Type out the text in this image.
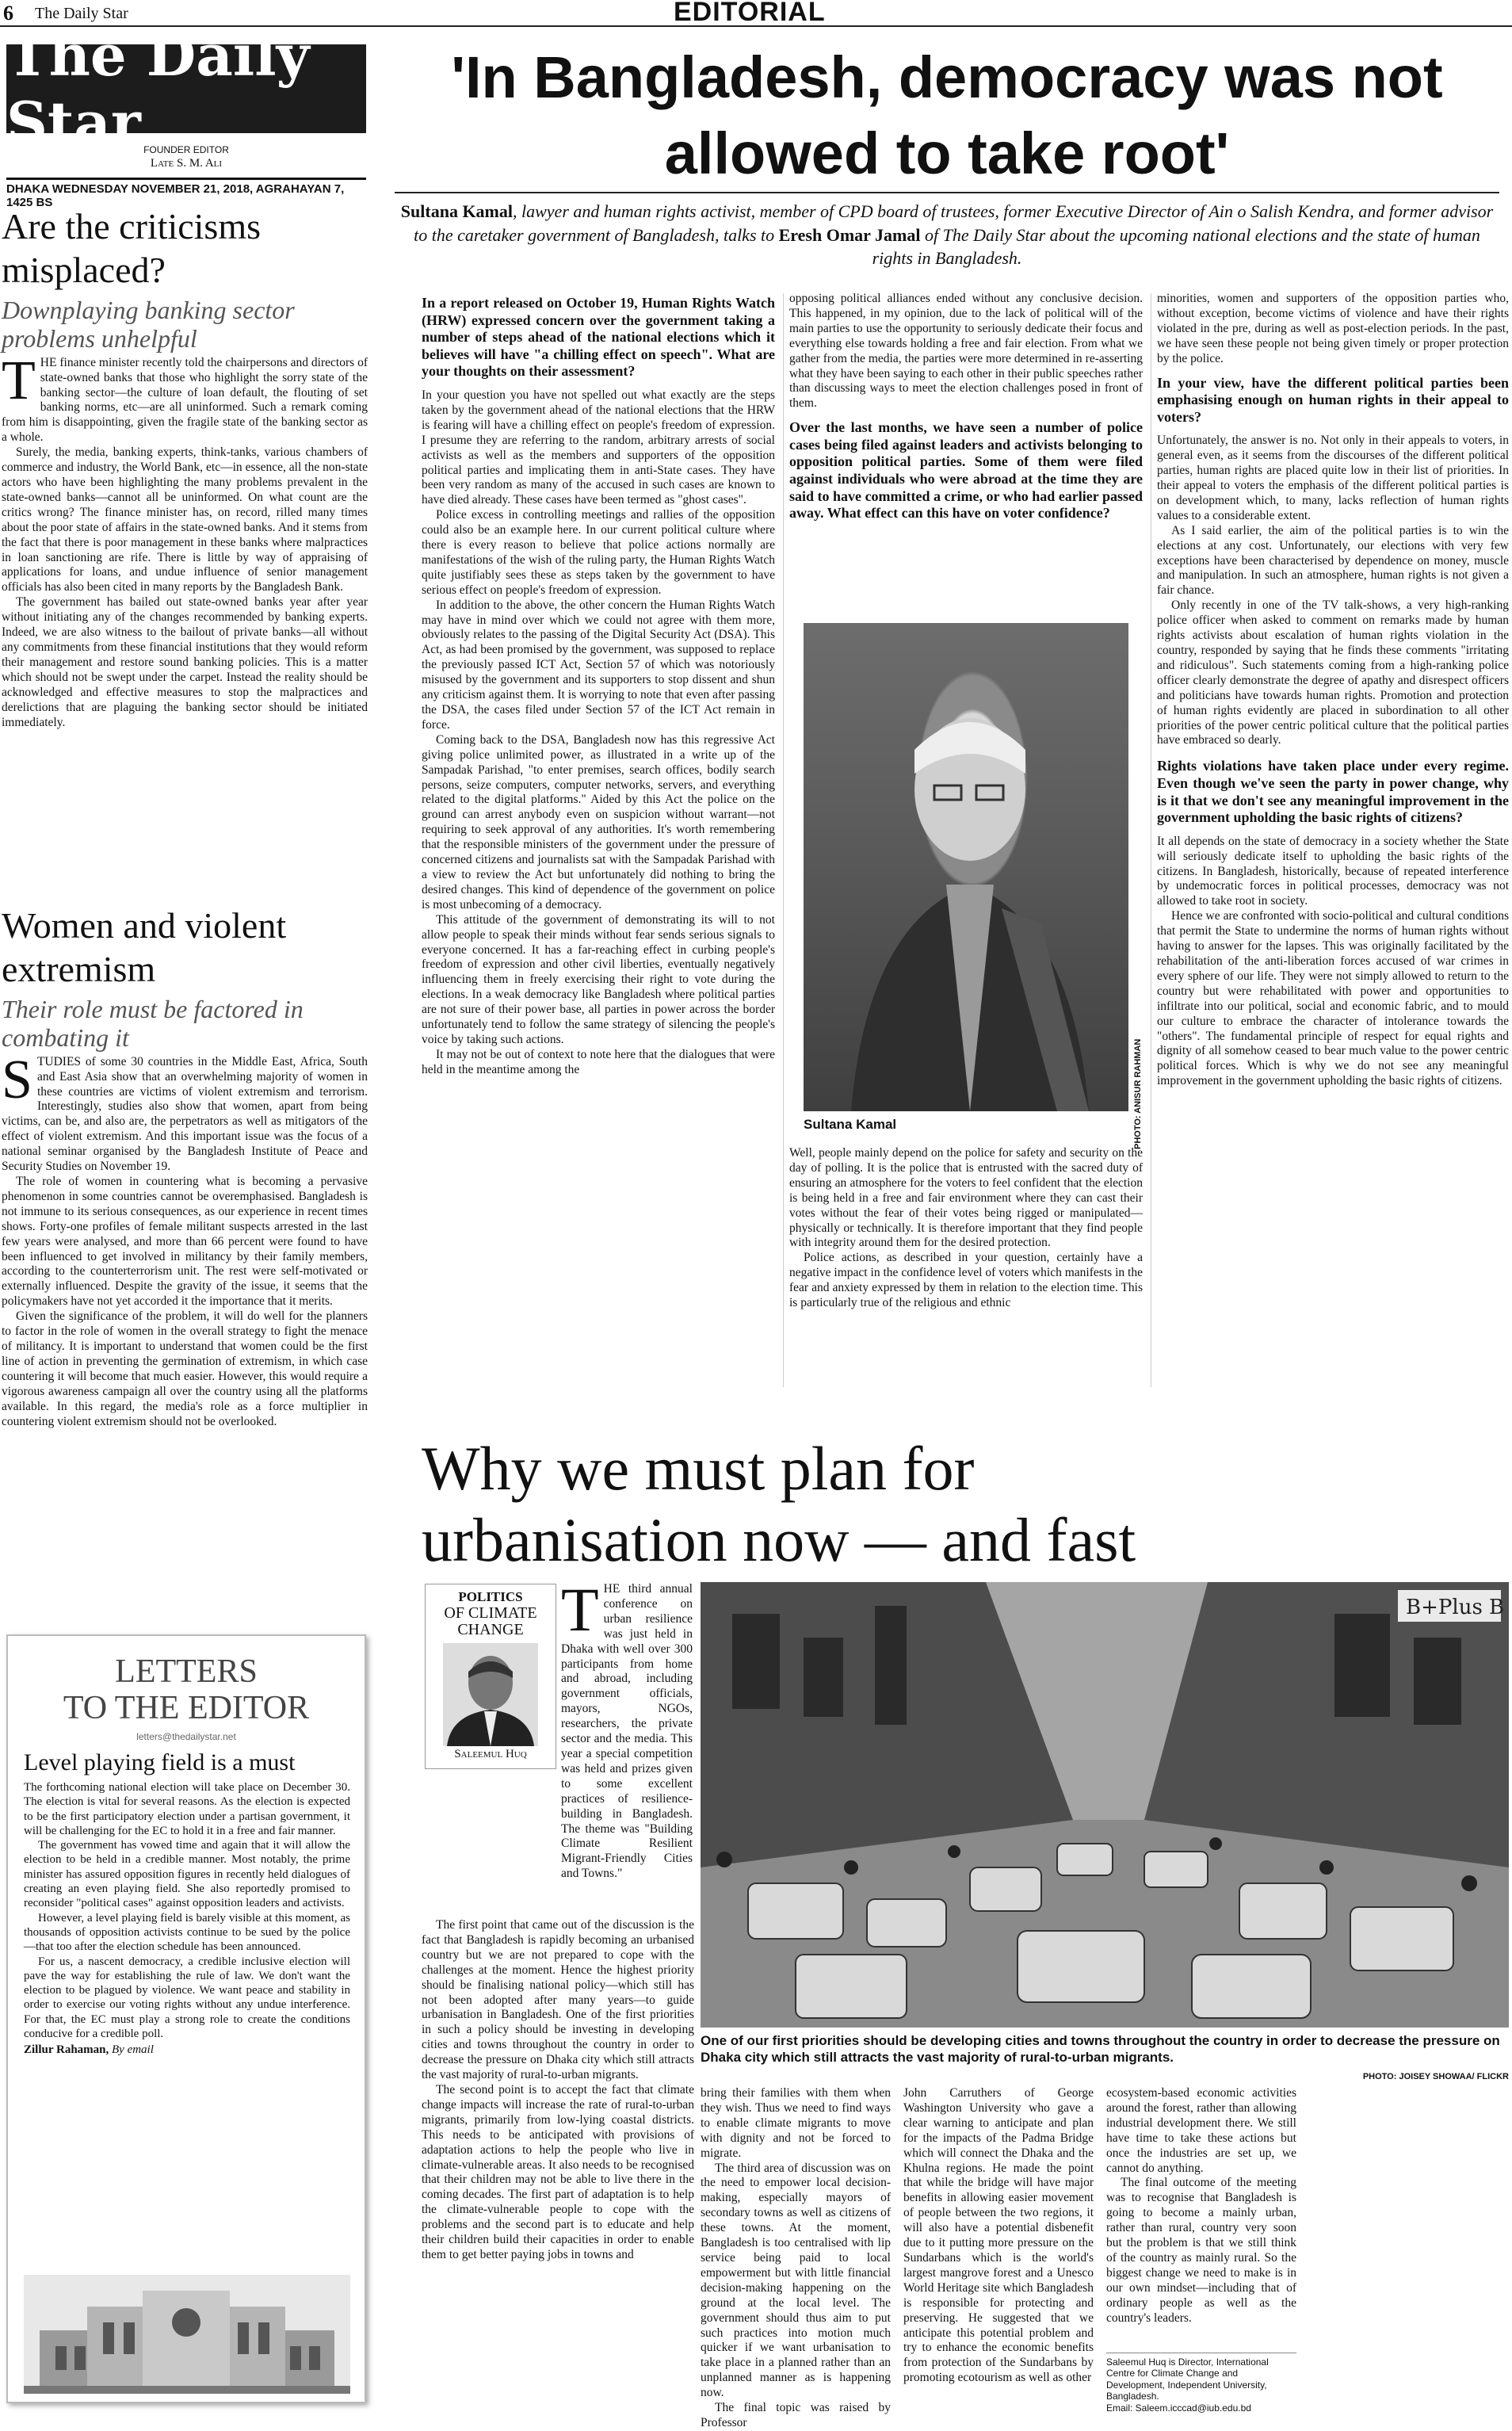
6 The Daily Star	EDITORIAL
The Daily Star FOUNDER EDITOR
Late S. M. Ali
DHAKA WEDNESDAY NOVEMBER 21, 2018, AGRAHAYAN 7, 1425 BS
Are the criticisms misplaced?
Downplaying banking sector problems unhelpful

THE finance minister recently told the chairpersons and directors of state-owned banks that those who highlight the sorry state of the banking sector—the culture of loan default, the flouting of set banking norms, etc—are all uninformed. Such a remark coming from him is disappointing, given the fragile state of the banking sector as a whole.

Surely, the media, banking experts, think-tanks, various chambers of commerce and industry, the World Bank, etc—in essence, all the non-state actors who have been highlighting the many problems prevalent in the state-owned banks—cannot all be uninformed. On what count are the critics wrong? The finance minister has, on record, rilled many times about the poor state of affairs in the state-owned banks. And it stems from the fact that there is poor management in these banks where malpractices in loan sanctioning are rife. There is little by way of appraising of applications for loans, and undue influence of senior management officials has also been cited in many reports by the Bangladesh Bank.

The government has bailed out state-owned banks year after year without initiating any of the changes recommended by banking experts. Indeed, we are also witness to the bailout of private banks—all without any commitments from these financial institutions that they would reform their management and restore sound banking policies. This is a matter which should not be swept under the carpet. Instead the reality should be acknowledged and effective measures to stop the malpractices and derelictions that are plaguing the banking sector should be initiated immediately.

Women and violent extremism
Their role must be factored in combating it

STUDIES of some 30 countries in the Middle East, Africa, South and East Asia show that an overwhelming majority of women in these countries are victims of violent extremism and terrorism. Interestingly, studies also show that women, apart from being victims, can be, and also are, the perpetrators as well as mitigators of the effect of violent extremism. And this important issue was the focus of a national seminar organised by the Bangladesh Institute of Peace and Security Studies on November 19.

The role of women in countering what is becoming a pervasive phenomenon in some countries cannot be overemphasised. Bangladesh is not immune to its serious consequences, as our experience in recent times shows. Forty-one profiles of female militant suspects arrested in the last few years were analysed, and more than 66 percent were found to have been influenced to get involved in militancy by their family members, according to the counterterrorism unit. The rest were self-motivated or externally influenced. Despite the gravity of the issue, it seems that the policymakers have not yet accorded it the importance that it merits.

Given the significance of the problem, it will do well for the planners to factor in the role of women in the overall strategy to fight the menace of militancy. It is important to understand that women could be the first line of action in preventing the germination of extremism, in which case countering it will become that much easier. However, this would require a vigorous awareness campaign all over the country using all the platforms available. In this regard, the media's role as a force multiplier in countering violent extremism should not be overlooked.

LETTERS
TO THE EDITOR
letters@thedailystar.net
Level playing field is a must

The forthcoming national election will take place on December 30. The election is vital for several reasons. As the election is expected to be the first participatory election under a partisan government, it will be challenging for the EC to hold it in a free and fair manner.

The government has vowed time and again that it will allow the election to be held in a credible manner. Most notably, the prime minister has assured opposition figures in recently held dialogues of creating an even playing field. She also reportedly promised to reconsider "political cases" against opposition leaders and activists.

However, a level playing field is barely visible at this moment, as thousands of opposition activists continue to be sued by the police—that too after the election schedule has been announced.

For us, a nascent democracy, a credible inclusive election will pave the way for establishing the rule of law. We don't want the election to be plagued by violence. We want peace and stability in order to exercise our voting rights without any undue interference. For that, the EC must play a strong role to create the conditions conducive for a credible poll.

Zillur Rahaman, By email

'In Bangladesh, democracy was not
allowed to take root'
Sultana Kamal, lawyer and human rights activist, member of CPD board of trustees, former Executive Director of Ain o Salish Kendra, and former advisor to the caretaker government of Bangladesh, talks to Eresh Omar Jamal of The Daily Star about the upcoming national elections and the state of human rights in Bangladesh.
In a report released on October 19, Human Rights Watch (HRW) expressed concern over the government taking a number of steps ahead of the national elections which it believes will have "a chilling effect on speech". What are your thoughts on their assessment?

In your question you have not spelled out what exactly are the steps taken by the government ahead of the national elections that the HRW is fearing will have a chilling effect on people's freedom of expression. I presume they are referring to the random, arbitrary arrests of social activists as well as the members and supporters of the opposition political parties and implicating them in anti-State cases. They have been very random as many of the accused in such cases are known to have died already. These cases have been termed as "ghost cases".

Police excess in controlling meetings and rallies of the opposition could also be an example here. In our current political culture where there is every reason to believe that police actions normally are manifestations of the wish of the ruling party, the Human Rights Watch quite justifiably sees these as steps taken by the government to have serious effect on people's freedom of expression.

In addition to the above, the other concern the Human Rights Watch may have in mind over which we could not agree with them more, obviously relates to the passing of the Digital Security Act (DSA). This Act, as had been promised by the government, was supposed to replace the previously passed ICT Act, Section 57 of which was notoriously misused by the government and its supporters to stop dissent and shun any criticism against them. It is worrying to note that even after passing the DSA, the cases filed under Section 57 of the ICT Act remain in force.

Coming back to the DSA, Bangladesh now has this regressive Act giving police unlimited power, as illustrated in a write up of the Sampadak Parishad, "to enter premises, search offices, bodily search persons, seize computers, computer networks, servers, and everything related to the digital platforms." Aided by this Act the police on the ground can arrest anybody even on suspicion without warrant—not requiring to seek approval of any authorities. It's worth remembering that the responsible ministers of the government under the pressure of concerned citizens and journalists sat with the Sampadak Parishad with a view to review the Act but unfortunately did nothing to bring the desired changes. This kind of dependence of the government on police is most unbecoming of a democracy.

This attitude of the government of demonstrating its will to not allow people to speak their minds without fear sends serious signals to everyone concerned. It has a far-reaching effect in curbing people's freedom of expression and other civil liberties, eventually negatively influencing them in freely exercising their right to vote during the elections. In a weak democracy like Bangladesh where political parties are not sure of their power base, all parties in power across the border unfortunately tend to follow the same strategy of silencing the people's voice by taking such actions.

It may not be out of context to note here that the dialogues that were held in the meantime among the

opposing political alliances ended without any conclusive decision. This happened, in my opinion, due to the lack of political will of the main parties to use the opportunity to seriously dedicate their focus and everything else towards holding a free and fair election. From what we gather from the media, the parties were more determined in re-asserting what they have been saying to each other in their public speeches rather than discussing ways to meet the election challenges posed in front of them.

Over the last months, we have seen a number of police cases being filed against leaders and activists belonging to opposition political parties. Some of them were filed against individuals who were abroad at the time they are said to have committed a crime, or who had earlier passed away. What effect can this have on voter confidence?
Sultana Kamal	PHOTO: ANISUR RAHMAN

Well, people mainly depend on the police for safety and security on the day of polling. It is the police that is entrusted with the sacred duty of ensuring an atmosphere for the voters to feel confident that the election is being held in a free and fair environment where they can cast their votes without the fear of their votes being rigged or manipulated—physically or technically. It is therefore important that they find people with integrity around them for the desired protection.

Police actions, as described in your question, certainly have a negative impact in the confidence level of voters which manifests in the fear and anxiety expressed by them in relation to the election time. This is particularly true of the religious and ethnic

minorities, women and supporters of the opposition parties who, without exception, become victims of violence and have their rights violated in the pre, during as well as post-election periods. In the past, we have seen these people not being given timely or proper protection by the police.

In your view, have the different political parties been emphasising enough on human rights in their appeal to voters?

Unfortunately, the answer is no. Not only in their appeals to voters, in general even, as it seems from the discourses of the different political parties, human rights are placed quite low in their list of priorities. In their appeal to voters the emphasis of the different political parties is on development which, to many, lacks reflection of human rights values to a considerable extent.

As I said earlier, the aim of the political parties is to win the elections at any cost. Unfortunately, our elections with very few exceptions have been characterised by dependence on money, muscle and manipulation. In such an atmosphere, human rights is not given a fair chance.

Only recently in one of the TV talk-shows, a very high-ranking police officer when asked to comment on remarks made by human rights activists about escalation of human rights violation in the country, responded by saying that he finds these comments "irritating and ridiculous". Such statements coming from a high-ranking police officer clearly demonstrate the degree of apathy and disrespect officers and politicians have towards human rights. Promotion and protection of human rights evidently are placed in subordination to all other priorities of the power centric political culture that the political parties have embraced so dearly.

Rights violations have taken place under every regime. Even though we've seen the party in power change, why is it that we don't see any meaningful improvement in the government upholding the basic rights of citizens?

It all depends on the state of democracy in a society whether the State will seriously dedicate itself to upholding the basic rights of the citizens. In Bangladesh, historically, because of repeated interference by undemocratic forces in political processes, democracy was not allowed to take root in society.

Hence we are confronted with socio-political and cultural conditions that permit the State to undermine the norms of human rights without having to answer for the lapses. This was originally facilitated by the rehabilitation of the anti-liberation forces accused of war crimes in every sphere of our life. They were not simply allowed to return to the country but were rehabilitated with power and opportunities to infiltrate into our political, social and economic fabric, and to mould our culture to embrace the character of intolerance towards the "others". The fundamental principle of respect for equal rights and dignity of all somehow ceased to bear much value to the power centric political forces. Which is why we do not see any meaningful improvement in the government upholding the basic rights of citizens.

Why we must plan for
urbanisation now — and fast
POLITICS
OF CLIMATE
CHANGE
Saleemul Huq

THE third annual conference on urban resilience was just held in Dhaka with well over 300 participants from home and abroad, including government officials, mayors, NGOs, researchers, the private sector and the media. This year a special competition was held and prizes given to some excellent practices of resilience-building in Bangladesh. The theme was "Building Climate Resilient Migrant-Friendly Cities and Towns."

The first point that came out of the discussion is the fact that Bangladesh is rapidly becoming an urbanised country but we are not prepared to cope with the challenges at the moment. Hence the highest priority should be finalising national policy—which still has not been adopted after many years—to guide urbanisation in Bangladesh. One of the first priorities in such a policy should be investing in developing cities and towns throughout the country in order to decrease the pressure on Dhaka city which still attracts the vast majority of rural-to-urban migrants.

The second point is to accept the fact that climate change impacts will increase the rate of rural-to-urban migrants, primarily from low-lying coastal districts. This needs to be anticipated with provisions of adaptation actions to help the people who live in climate-vulnerable areas. It also needs to be recognised that their children may not be able to live there in the coming decades. The first part of adaptation is to help the climate-vulnerable people to cope with the problems and the second part is to educate and help their children build their capacities in order to enable them to get better paying jobs in towns and

B+Plus B
One of our first priorities should be developing cities and towns throughout the country in order to decrease the pressure on Dhaka city which still attracts the vast majority of rural-to-urban migrants.
PHOTO: JOISEY SHOWAA/ FLICKR

bring their families with them when they wish. Thus we need to find ways to enable climate migrants to move with dignity and not be forced to migrate.

The third area of discussion was on the need to empower local decision-making, especially mayors of secondary towns as well as citizens of these towns. At the moment, Bangladesh is too centralised with lip service being paid to local empowerment but with little financial decision-making happening on the ground at the local level. The government should thus aim to put such practices into motion much quicker if we want urbanisation to take place in a planned rather than an unplanned manner as is happening now.

The final topic was raised by Professor

John Carruthers of George Washington University who gave a clear warning to anticipate and plan for the impacts of the Padma Bridge which will connect the Dhaka and the Khulna regions. He made the point that while the bridge will have major benefits in allowing easier movement of people between the two regions, it will also have a potential disbenefit due to it putting more pressure on the Sundarbans which is the world's largest mangrove forest and a Unesco World Heritage site which Bangladesh is responsible for protecting and preserving. He suggested that we anticipate this potential problem and try to enhance the economic benefits from protection of the Sundarbans by promoting ecotourism as well as other

ecosystem-based economic activities around the forest, rather than allowing industrial development there. We still have time to take these actions but once the industries are set up, we cannot do anything.

The final outcome of the meeting was to recognise that Bangladesh is going to become a mainly urban, rather than rural, country very soon but the problem is that we still think of the country as mainly rural. So the biggest change we need to make is in our own mindset—including that of ordinary people as well as the country's leaders.

Saleemul Huq is Director, International Centre for Climate Change and Development, Independent University, Bangladesh.
Email: Saleem.icccad@iub.edu.bd
